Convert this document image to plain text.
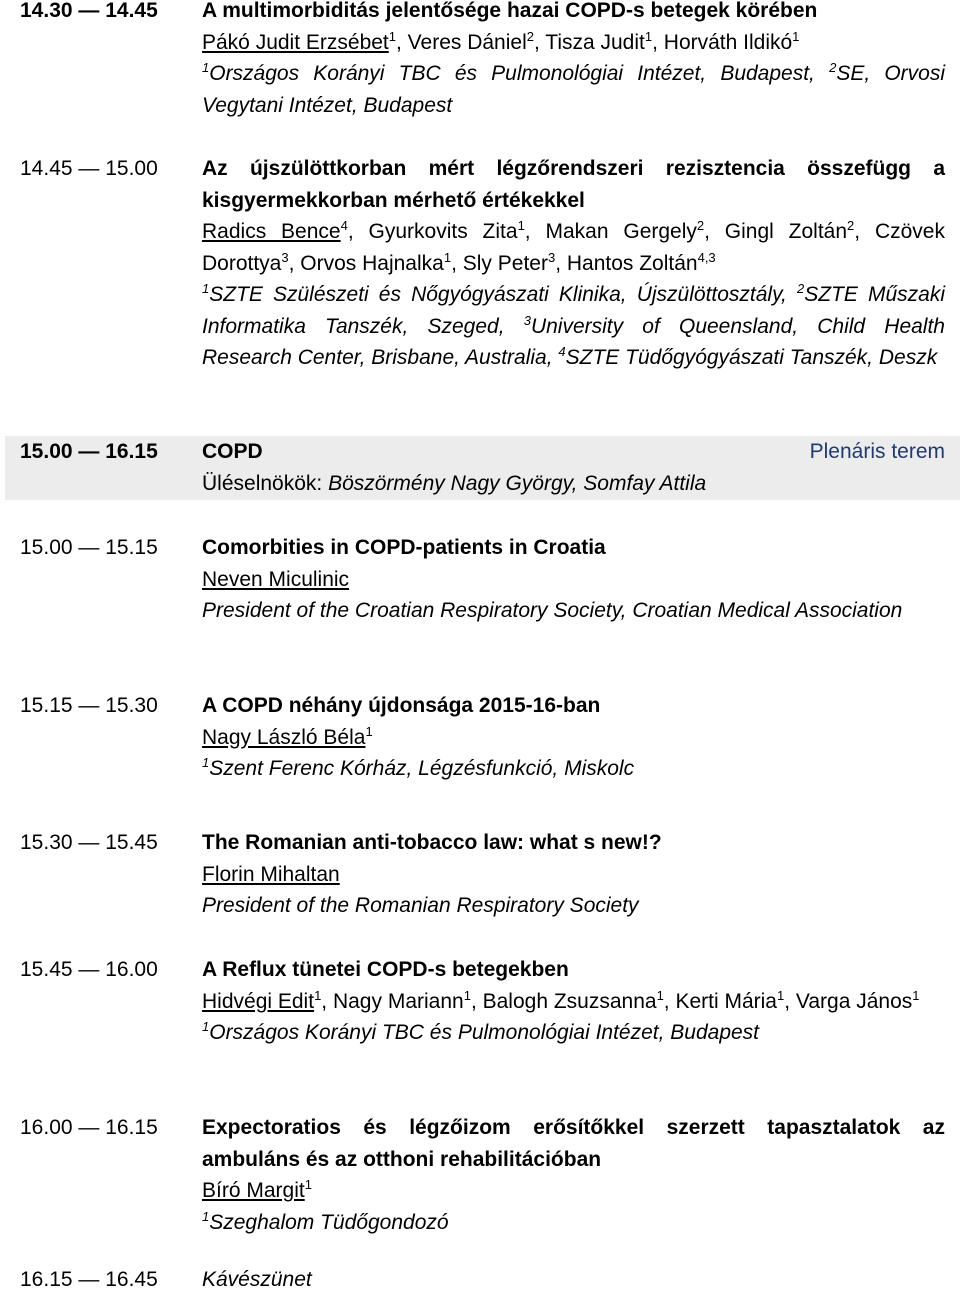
14.30 — 14.45 A multimorbiditás jelentősége hazai COPD-s betegek körében
Pákó Judit Erzsébet$^1$, Veres Dániel$^2$, Tisza Judit$^1$, Horváth Ildikó$^1$
$^1$Országos Korányi TBC és Pulmonológiai Intézet, Budapest, $^2$SE, Orvosi Vegytani Intézet, Budapest
14.45 — 15.00 Az újszülöttkorban mért légzőrendszeri rezisztencia összefügg a kisgyermekkorban mérhető értékekkel
Radics Bence$^4$, Gyurkovits Zita$^1$, Makan Gergely$^2$, Gingl Zoltán$^2$, Czövek Dorottya$^3$, Orvos Hajnalka$^1$, Sly Peter$^3$, Hantos Zoltán$^{4,3}$
$^1$SZTE Szülészeti és Nőgyógyászati Klinika, Újszülöttosztály, $^2$SZTE Műszaki Informatika Tanszék, Szeged, $^3$University of Queensland, Child Health Research Center, Brisbane, Australia, $^4$SZTE Tüdőgyógyászati Tanszék, Deszk
15.00 — 16.15 COPD
Üléselnökök: Böszörmény Nagy György, Somfay Attila
Plenáris terem
15.00 — 15.15 Comorbities in COPD-patients in Croatia
Neven Miculinic
President of the Croatian Respiratory Society, Croatian Medical Association
15.15 — 15.30 A COPD néhány újdonsága 2015-16-ban
Nagy László Béla$^1$
$^1$Szent Ferenc Kórház, Légzésfunkció, Miskolc
15.30 — 15.45 The Romanian anti-tobacco law: what s new!?
Florin Mihaltan
President of the Romanian Respiratory Society
15.45 — 16.00 A Reflux tünetei COPD-s betegekben
Hidvégi Edit$^1$, Nagy Mariann$^1$, Balogh Zsuzsanna$^1$, Kerti Mária$^1$, Varga János$^1$
$^1$Országos Korányi TBC és Pulmonológiai Intézet, Budapest
16.00 — 16.15 Expectoratios és légzőizom erősítőkkel szerzett tapasztalatok az ambuláns és az otthoni rehabilitációban
Bíró Margit$^1$
$^1$Szeghalom Tüdőgondozó
16.15 — 16.45 Kávészünet
